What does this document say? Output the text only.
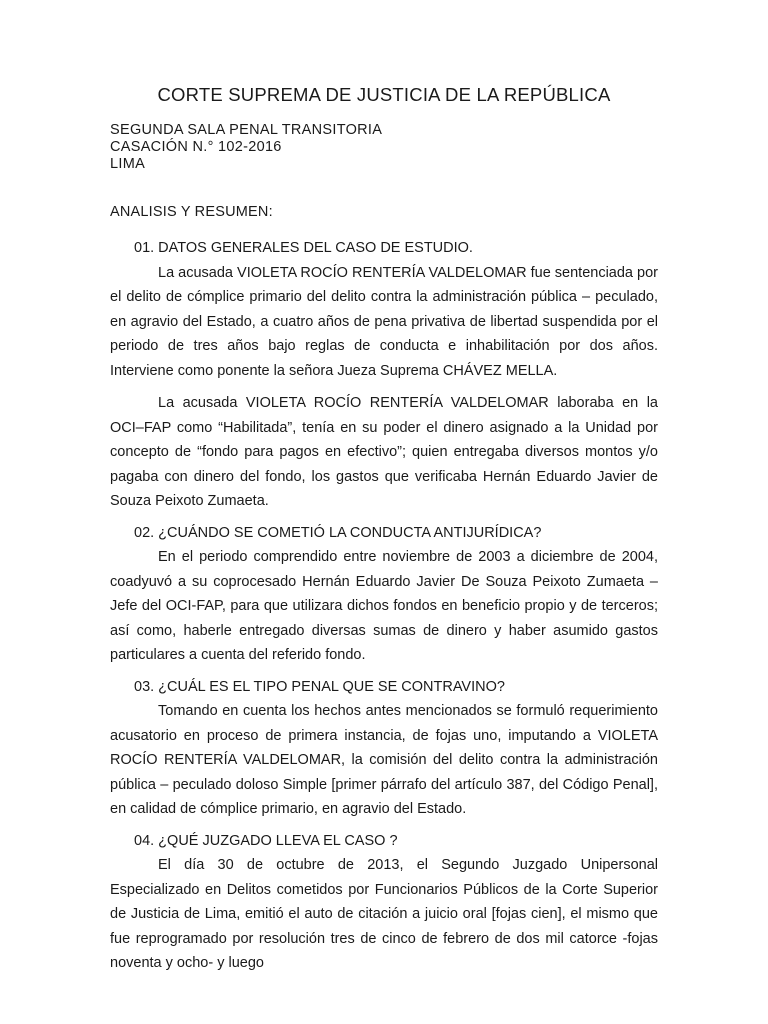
CORTE SUPREMA DE JUSTICIA DE LA REPÚBLICA
SEGUNDA SALA PENAL TRANSITORIA
CASACIÓN N.° 102-2016
LIMA
ANALISIS Y RESUMEN:

01. DATOS GENERALES DEL CASO DE ESTUDIO.

La acusada VIOLETA ROCÍO RENTERÍA VALDELOMAR fue sentenciada por el delito de cómplice primario del delito contra la administración pública – peculado, en agravio del Estado, a cuatro años de pena privativa de libertad suspendida por el periodo de tres años bajo reglas de conducta e inhabilitación por dos años. Interviene como ponente la señora Jueza Suprema CHÁVEZ MELLA.

La acusada VIOLETA ROCÍO RENTERÍA VALDELOMAR laboraba en la OCI–FAP como “Habilitada”, tenía en su poder el dinero asignado a la Unidad por concepto de “fondo para pagos en efectivo”; quien entregaba diversos montos y/o pagaba con dinero del fondo, los gastos que verificaba Hernán Eduardo Javier de Souza Peixoto Zumaeta.

02. ¿CUÁNDO SE COMETIÓ LA CONDUCTA ANTIJURÍDICA?

En el periodo comprendido entre noviembre de 2003 a diciembre de 2004, coadyuvó a su coprocesado Hernán Eduardo Javier De Souza Peixoto Zumaeta – Jefe del OCI-FAP, para que utilizara dichos fondos en beneficio propio y de terceros; así como, haberle entregado diversas sumas de dinero y haber asumido gastos particulares a cuenta del referido fondo.

03. ¿CUÁL ES EL TIPO PENAL QUE SE CONTRAVINO?

Tomando en cuenta los hechos antes mencionados se formuló requerimiento acusatorio en proceso de primera instancia, de fojas uno, imputando a VIOLETA ROCÍO RENTERÍA VALDELOMAR, la comisión del delito contra la administración pública – peculado doloso Simple [primer párrafo del artículo 387, del Código Penal], en calidad de cómplice primario, en agravio del Estado.

04. ¿QUÉ JUZGADO LLEVA EL CASO ?

El día 30 de octubre de 2013, el Segundo Juzgado Unipersonal Especializado en Delitos cometidos por Funcionarios Públicos de la Corte Superior de Justicia de Lima, emitió el auto de citación a juicio oral [fojas cien], el mismo que fue reprogramado por resolución tres de cinco de febrero de dos mil catorce -fojas noventa y ocho- y luego
